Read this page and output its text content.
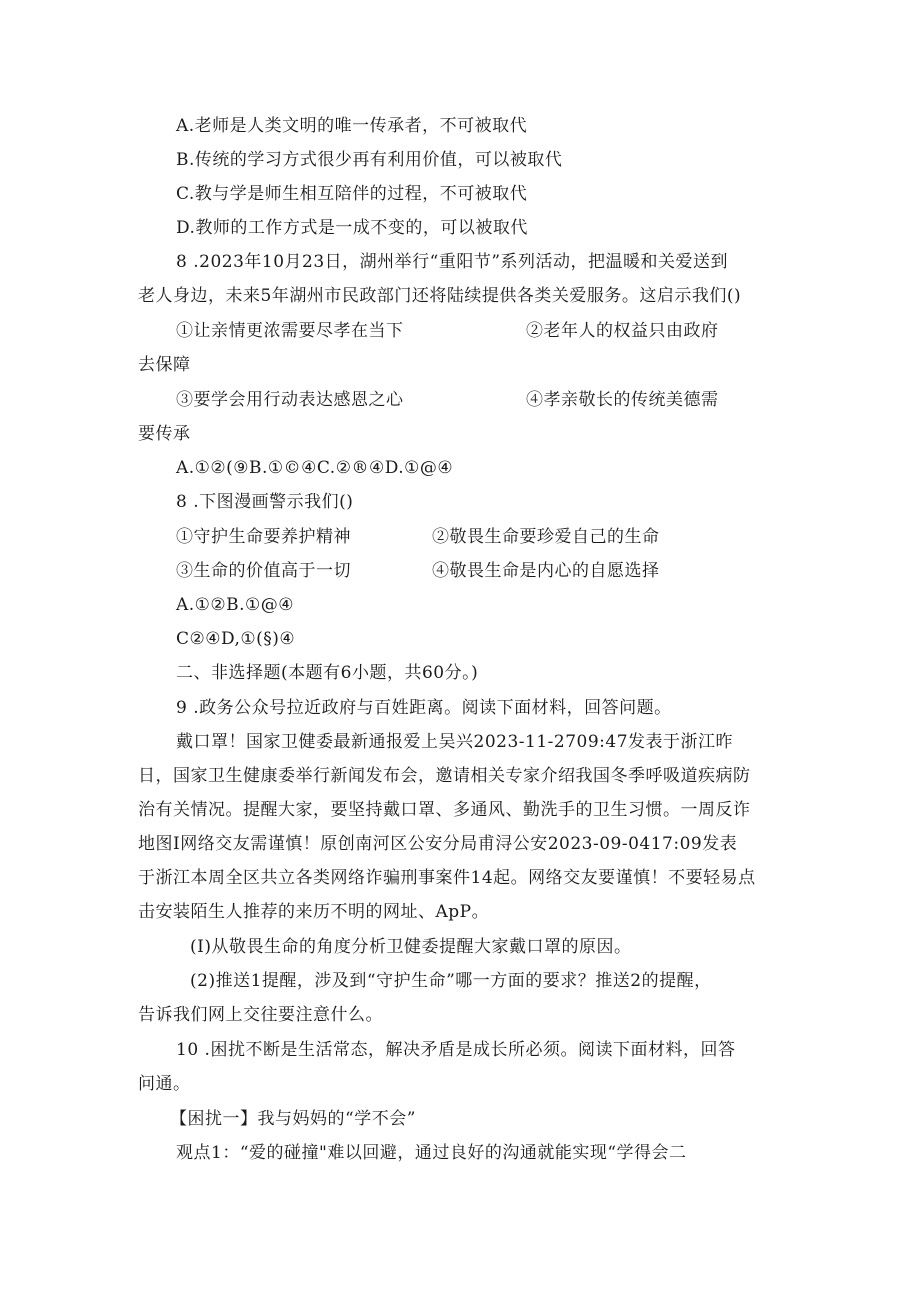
A.老师是人类文明的唯一传承者，不可被取代
B.传统的学习方式很少再有利用价值，可以被取代
C.教与学是师生相互陪伴的过程，不可被取代
D.教师的工作方式是一成不变的，可以被取代
8 .2023年10月23日，湖州举行“重阳节”系列活动，把温暖和关爱送到
老人身边，未来5年湖州市民政部门还将陆续提供各类关爱服务。这启示我们()
①让亲情更浓需要尽孝在当下	②老年人的权益只由政府
去保障
③要学会用行动表达感恩之心	④孝亲敬长的传统美德需
要传承
A.①②(⑨B.①©④C.②®④D.①@④
8 .下图漫画警示我们()
①守护生命要养护精神	②敬畏生命要珍爱自己的生命
③生命的价值高于一切	④敬畏生命是内心的自愿选择
A.①②B.①@④
C②④D,①(§)④
二、非选择题(本题有6小题，共60分。)
9 .政务公众号拉近政府与百姓距离。阅读下面材料，回答问题。
戴口罩！国家卫健委最新通报爱上吴兴2023-11-2709:47发表于浙江昨
日，国家卫生健康委举行新闻发布会，邀请相关专家介绍我国冬季呼吸道疾病防
治有关情况。提醒大家，要坚持戴口罩、多通风、勤洗手的卫生习惯。一周反诈
地图I网络交友需谨慎！原创南河区公安分局甫浔公安2023-09-0417:09发表
于浙江本周全区共立各类网络诈骗刑事案件14起。网络交友要谨慎！不要轻易点
击安装陌生人推荐的来历不明的网址、ApP。
(I)从敬畏生命的角度分析卫健委提醒大家戴口罩的原因。
(2)推送1提醒，涉及到“守护生命”哪一方面的要求？推送2的提醒，
告诉我们网上交往要注意什么。
10 .困扰不断是生活常态，解决矛盾是成长所必须。阅读下面材料，回答
问通。
【困扰一】我与妈妈的“学不会”
观点1：“爱的碰撞"难以回避，通过良好的沟通就能实现“学得会二
